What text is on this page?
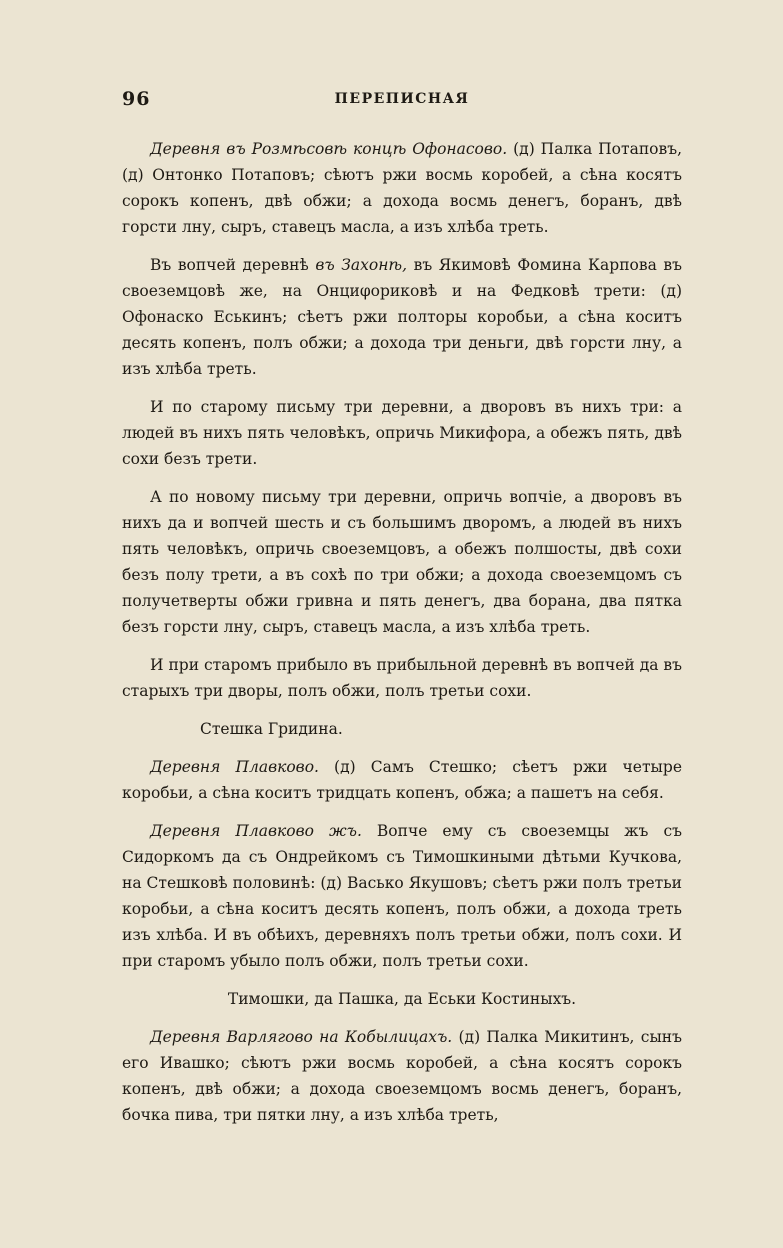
96	ПЕРЕПИСНАЯ

Деревня въ Розмѣсовѣ концѣ Офонасово. (д) Палка Потаповъ, (д) Онтонко Потаповъ; сѣютъ ржи восмь коробей, а сѣна косятъ сорокъ копенъ, двѣ обжи; а дохода восмь денегъ, боранъ, двѣ горсти лну, сыръ, ставецъ масла, а изъ хлѣба треть.

Въ вопчей деревнѣ въ Захонѣ, въ Якимовѣ Фомина Карпова въ своеземцовѣ же, на Онциφориковѣ и на Федковѣ трети: (д) Офонаско Еськинъ; сѣетъ ржи полторы коробьи, а сѣна коситъ десять копенъ, полъ обжи; а дохода три деньги, двѣ горсти лну, а изъ хлѣба треть.

И по старому письму три деревни, а дворовъ въ нихъ три: а людей въ нихъ пять человѣкъ, опричь Микифора, а обежъ пять, двѣ сохи безъ трети.

А по новому письму три деревни, опричь вопчіе, а дворовъ въ нихъ да и вопчей шесть и съ большимъ дворомъ, а людей въ нихъ пять человѣкъ, опричь своеземцовъ, а обежъ полшосты, двѣ сохи безъ полу трети, а въ сохѣ по три обжи; а дохода своеземцомъ съ получетверты обжи гривна и пять денегъ, два борана, два пятка безъ горсти лну, сыръ, ставецъ масла, а изъ хлѣба треть.

И при старомъ прибыло въ прибыльной деревнѣ въ вопчей да въ старыхъ три дворы, полъ обжи, полъ третьи сохи.

Стешка Гридина.

Деревня Плавково. (д) Самъ Стешко; сѣетъ ржи четыре коробьи, а сѣна коситъ тридцать копенъ, обжа; а пашетъ на себя.

Деревня Плавково жъ. Вопче ему съ своеземцы жъ съ Сидоркомъ да съ Ондрейкомъ съ Тимошкиными дѣтьми Кучкова, на Стешковѣ половинѣ: (д) Васько Якушовъ; сѣетъ ржи полъ третьи коробьи, а сѣна коситъ десять копенъ, полъ обжи, а дохода треть изъ хлѣба. И въ обѣихъ, деревняхъ полъ третьи обжи, полъ сохи. И при старомъ убыло полъ обжи, полъ третьи сохи.

Тимошки, да Пашка, да Еськи Костиныхъ.

Деревня Варлягово на Кобылицахъ. (д) Палка Микитинъ, сынъ его Ивашко; сѣютъ ржи восмь коробей, а сѣна косятъ сорокъ копенъ, двѣ обжи; а дохода своеземцомъ восмь денегъ, боранъ, бочка пива, три пятки лну, а изъ хлѣба треть,
